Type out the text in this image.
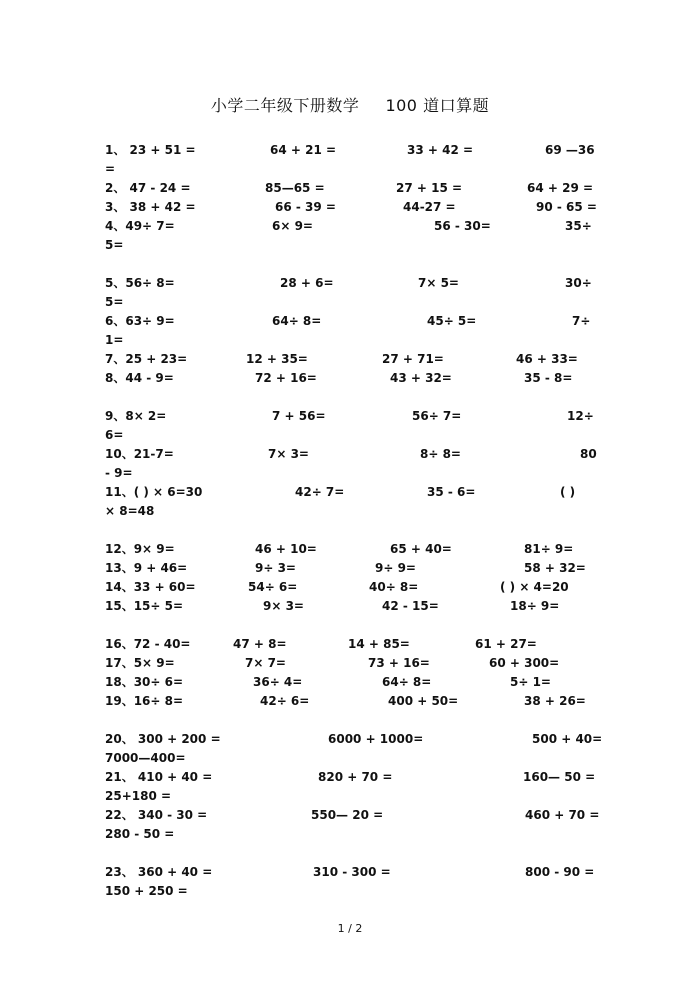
小学二年级下册数学 100 道口算题
1、 23 + 51 =	64 + 21 =	33 + 42 =	69 —36
=
2、 47 - 24 =	85—65 =	27 + 15 =	64 + 29 =
3、 38 + 42 =	66 - 39 =	44-27 =	90 - 65 =
4、49÷ 7=	6× 9=	56 - 30=	35÷
5=
5、56÷ 8=	28 + 6=	7× 5=	30÷
5=
6、63÷ 9=	64÷ 8=	45÷ 5=	7÷
1=
7、25 + 23=	12 + 35=	27 + 71=	46 + 33=
8、44 - 9=	72 + 16=	43 + 32=	35 - 8=
9、8× 2=	7 + 56=	56÷ 7=	12÷
6=
10、21-7=	7× 3=	8÷ 8=	80
- 9=
11、( ) × 6=30	42÷ 7=	35 - 6=	( )
× 8=48
12、9× 9=	46 + 10=	65 + 40=	81÷ 9=
13、9 + 46=	9÷ 3=	9÷ 9=	58 + 32=
14、33 + 60=	54÷ 6=	40÷ 8=	( ) × 4=20
15、15÷ 5=	9× 3=	42 - 15=	18÷ 9=
16、72 - 40=	47 + 8=	14 + 85=	61 + 27=
17、5× 9=	7× 7=	73 + 16=	60 + 300=
18、30÷ 6=	36÷ 4=	64÷ 8=	5÷ 1=
19、16÷ 8=	42÷ 6=	400 + 50=	38 + 26=
20、 300 + 200 =	6000 + 1000=	500 + 40=
7000—400=
21、 410 + 40 =	820 + 70 =	160— 50 =
25+180 =
22、 340 - 30 =	550— 20 =	460 + 70 =
280 - 50 =
23、 360 + 40 =	310 - 300 =	800 - 90 =
150 + 250 =
1 / 2
